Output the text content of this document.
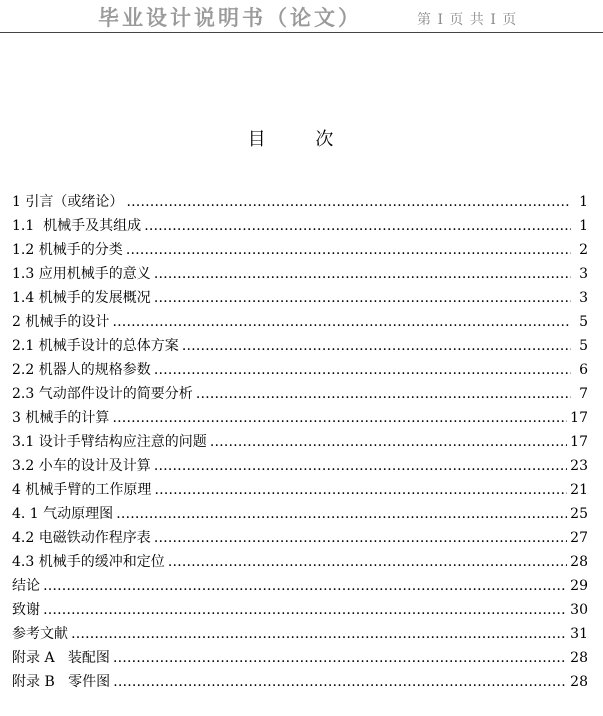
毕业设计说明书（论文）	第 I 页 共 I 页
目 次
1 引言（或绪论） …………………………………………………………………………………………………………………………………………………………………………………………	1
1.1  机械手及其组成 …………………………………………………………………………………………………………………………………………………………………………………………	1
1.2 机械手的分类 …………………………………………………………………………………………………………………………………………………………………………………………	2
1.3 应用机械手的意义 …………………………………………………………………………………………………………………………………………………………………………………………	3
1.4 机械手的发展概况 …………………………………………………………………………………………………………………………………………………………………………………………	3
2 机械手的设计 …………………………………………………………………………………………………………………………………………………………………………………………	5
2.1 机械手设计的总体方案 …………………………………………………………………………………………………………………………………………………………………………………………	5
2.2 机器人的规格参数 …………………………………………………………………………………………………………………………………………………………………………………………	6
2.3 气动部件设计的简要分析 …………………………………………………………………………………………………………………………………………………………………………………………	7
3 机械手的计算 …………………………………………………………………………………………………………………………………………………………………………………………	17
3.1 设计手臂结构应注意的问题 …………………………………………………………………………………………………………………………………………………………………………………………	17
3.2 小车的设计及计算 …………………………………………………………………………………………………………………………………………………………………………………………	23
4 机械手臂的工作原理 …………………………………………………………………………………………………………………………………………………………………………………………	21
4. 1 气动原理图 …………………………………………………………………………………………………………………………………………………………………………………………	25
4.2 电磁铁动作程序表 …………………………………………………………………………………………………………………………………………………………………………………………	27
4.3 机械手的缓冲和定位 …………………………………………………………………………………………………………………………………………………………………………………………	28
结论 …………………………………………………………………………………………………………………………………………………………………………………………	29
致谢 …………………………………………………………………………………………………………………………………………………………………………………………	30
参考文献 …………………………………………………………………………………………………………………………………………………………………………………………	31
附录 A   装配图 …………………………………………………………………………………………………………………………………………………………………………………………	28
附录 B   零件图 …………………………………………………………………………………………………………………………………………………………………………………………	28
